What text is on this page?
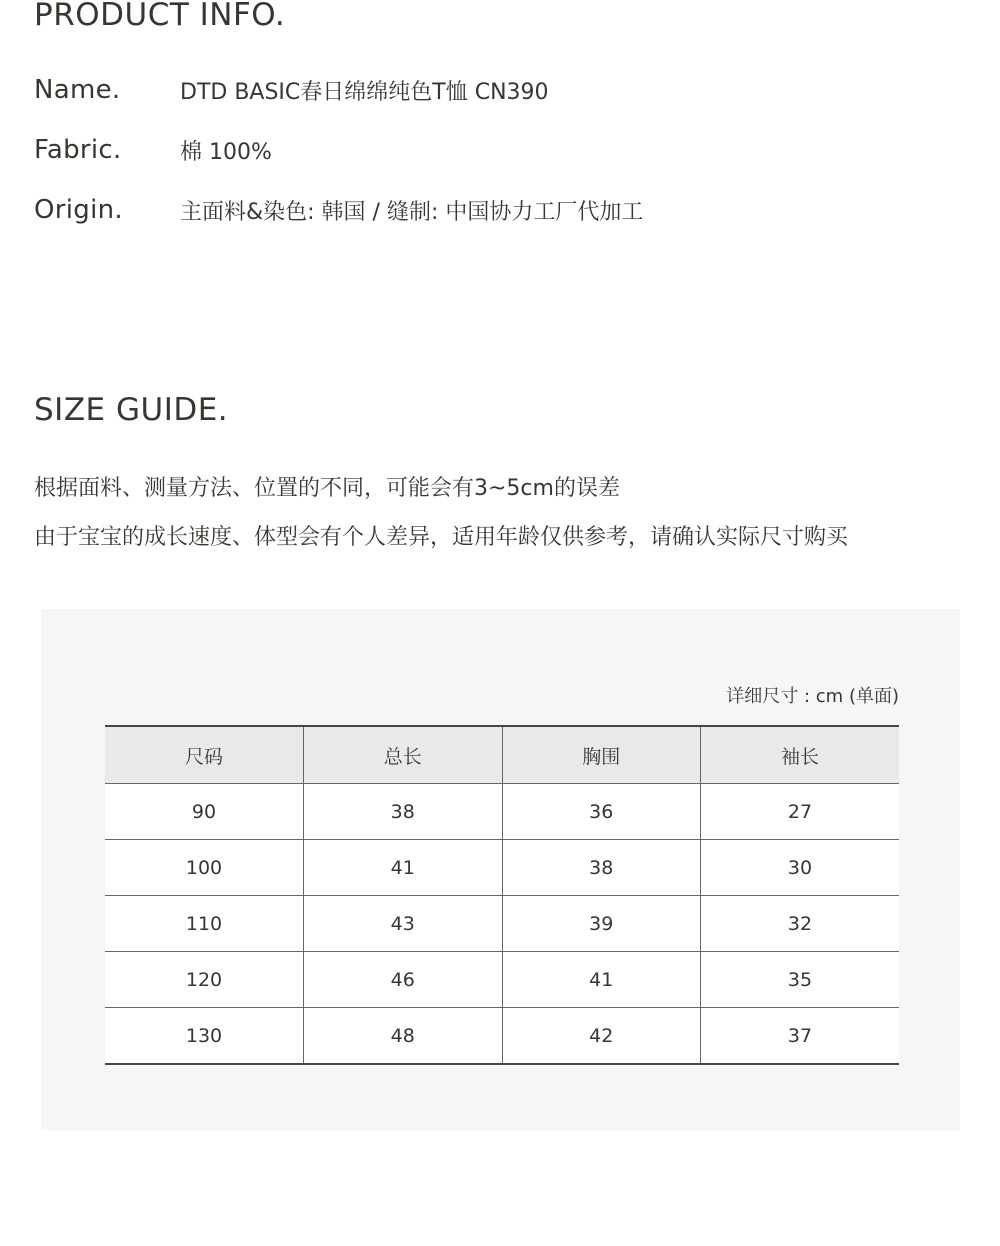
PRODUCT INFO.
Name.	DTD BASIC春日绵绵纯色T恤 CN390
Fabric.	棉 100%
Origin.	主面料&染色: 韩国 / 缝制: 中国协力工厂代加工
SIZE GUIDE.
根据面料、测量方法、位置的不同，可能会有3~5cm的误差
由于宝宝的成长速度、体型会有个人差异，适用年龄仅供参考，请确认实际尺寸购买
详细尺寸 : cm (单面)
尺码	总长	胸围	袖长
90	38	36	27
100	41	38	30
110	43	39	32
120	46	41	35
130	48	42	37
